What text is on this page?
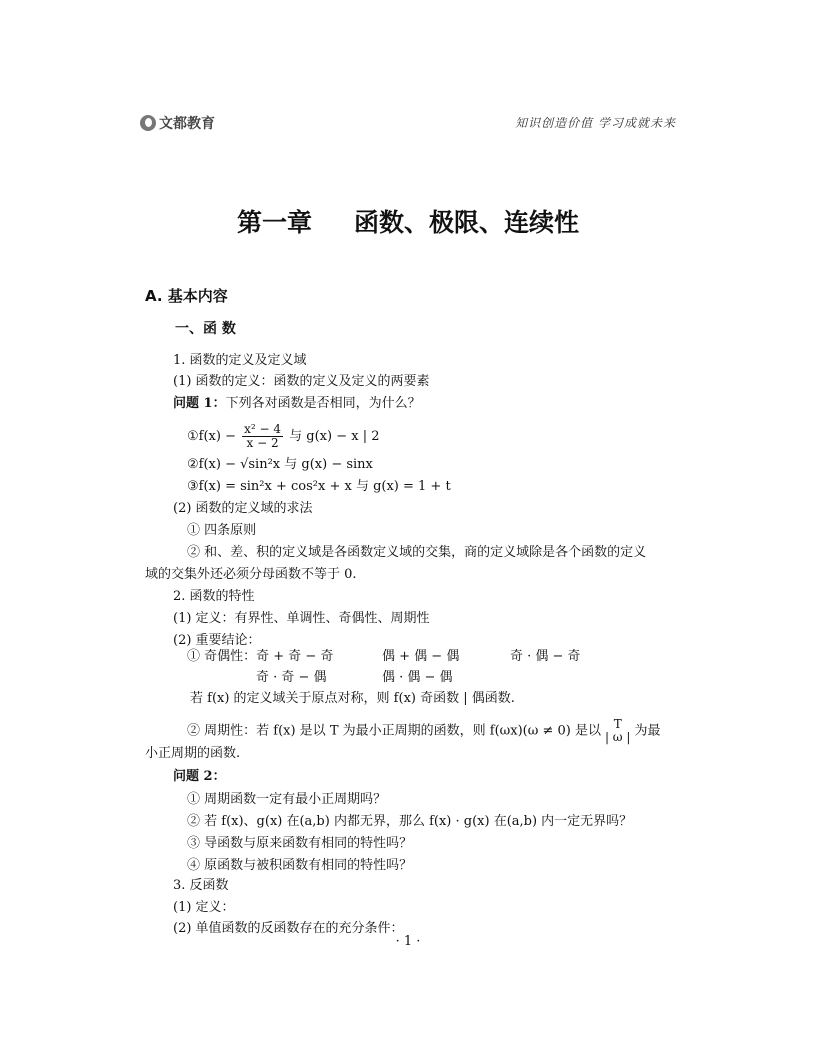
文都教育	知识创造价值 学习成就未来
第一章 函数、极限、连续性
A. 基本内容
一、函 数
1. 函数的定义及定义域
(1) 函数的定义：函数的定义及定义的两要素
问题 1：下列各对函数是否相同，为什么？
①f(x) − $\frac{\text{x² − 4}}{x - 2}$ 与 g(x) − x | 2
②f(x) − √sin²x 与 g(x) − sinx
③f(x) = sin²x + cos²x + x 与 g(x) = 1 + t
(2) 函数的定义域的求法
① 四条原则
② 和、差、积的定义域是各函数定义域的交集，商的定义域除是各个函数的定义
域的交集外还必须分母函数不等于 0.
2. 函数的特性
(1) 定义：有界性、单调性、奇偶性、周期性
(2) 重要结论：
① 奇偶性：奇 + 奇 − 奇	偶 + 偶 − 偶	奇 · 偶 − 奇
奇 · 奇 − 偶	偶 · 偶 − 偶
若 f(x) 的定义域关于原点对称，则 f(x) 奇函数 | 偶函数.
② 周期性：若 f(x) 是以 T 为最小正周期的函数，则 f(ωx)(ω ≠ 0) 是以	T
| ω | 为最
小正周期的函数.
问题 2：
① 周期函数一定有最小正周期吗？
② 若 f(x)、g(x) 在(a,b) 内都无界，那么 f(x) · g(x) 在(a,b) 内一定无界吗？
③ 导函数与原来函数有相同的特性吗？
④ 原函数与被积函数有相同的特性吗？
3. 反函数
(1) 定义：
(2) 单值函数的反函数存在的充分条件：
· 1 ·
